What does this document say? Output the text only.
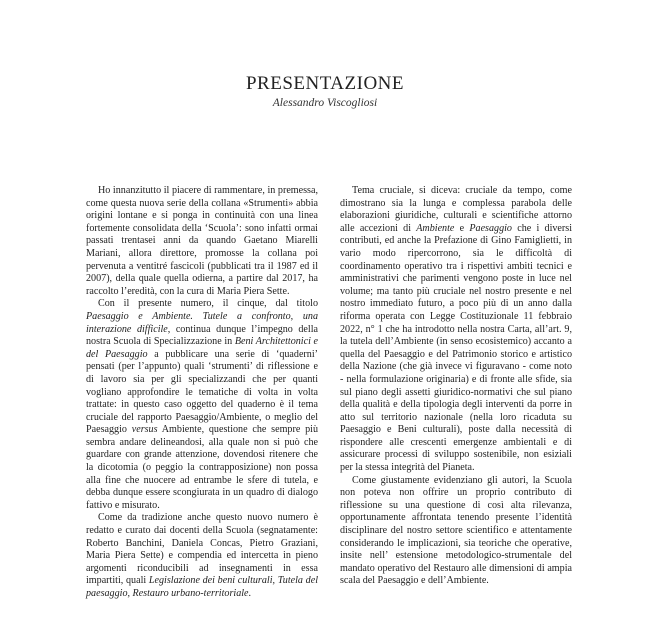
PRESENTAZIONE
Alessandro Viscogliosi

Ho innanzitutto il piacere di rammentare, in premessa, come questa nuova serie della collana «Strumenti» abbia origini lontane e si ponga in continuità con una linea fortemente consolidata della ‘Scuola’: sono infatti ormai passati trentasei anni da quando Gaetano Miarelli Mariani, allora direttore, promosse la collana poi pervenuta a ventitré fascicoli (pubblicati tra il 1987 ed il 2007), della quale quella odierna, a partire dal 2017, ha raccolto l’eredità, con la cura di Maria Piera Sette.

Con il presente numero, il cinque, dal titolo Paesaggio e Ambiente. Tutele a confronto, una interazione difficile, continua dunque l’impegno della nostra Scuola di Specializzazione in Beni Architettonici e del Paesaggio a pubblicare una serie di ‘quaderni’ pensati (per l’appunto) quali ‘strumenti’ di riflessione e di lavoro sia per gli specializzandi che per quanti vogliano approfondire le tematiche di volta in volta trattate: in questo caso oggetto del quaderno è il tema cruciale del rapporto Paesaggio/Ambiente, o meglio del Paesaggio versus Ambiente, questione che sempre più sembra andare delineandosi, alla quale non si può che guardare con grande attenzione, dovendosi ritenere che la dicotomia (o peggio la contrapposizione) non possa alla fine che nuocere ad entrambe le sfere di tutela, e debba dunque essere scongiurata in un quadro di dialogo fattivo e misurato.

Come da tradizione anche questo nuovo numero è redatto e curato dai docenti della Scuola (segnatamente: Roberto Banchini, Daniela Concas, Pietro Graziani, Maria Piera Sette) e compendia ed intercetta in pieno argomenti riconducibili ad insegnamenti in essa impartiti, quali Legislazione dei beni culturali, Tutela del paesaggio, Restauro urbano-territoriale.

Tema cruciale, si diceva: cruciale da tempo, come dimostrano sia la lunga e complessa parabola delle elaborazioni giuridiche, culturali e scientifiche attorno alle accezioni di Ambiente e Paesaggio che i diversi contributi, ed anche la Prefazione di Gino Famiglietti, in vario modo ripercorrono, sia le difficoltà di coordinamento operativo tra i rispettivi ambiti tecnici e amministrativi che parimenti vengono poste in luce nel volume; ma tanto più cruciale nel nostro presente e nel nostro immediato futuro, a poco più di un anno dalla riforma operata con Legge Costituzionale 11 febbraio 2022, n° 1 che ha introdotto nella nostra Carta, all’art. 9, la tutela dell’Ambiente (in senso ecosistemico) accanto a quella del Paesaggio e del Patrimonio storico e artistico della Nazione (che già invece vi figuravano - come noto - nella formulazione originaria) e di fronte alle sfide, sia sul piano degli assetti giuridico-normativi che sul piano della qualità e della tipologia degli interventi da porre in atto sul territorio nazionale (nella loro ricaduta su Paesaggio e Beni culturali), poste dalla necessità di rispondere alle crescenti emergenze ambientali e di assicurare processi di sviluppo sostenibile, non esiziali per la stessa integrità del Pianeta.

Come giustamente evidenziano gli autori, la Scuola non poteva non offrire un proprio contributo di riflessione su una questione di così alta rilevanza, opportunamente affrontata tenendo presente l’identità disciplinare del nostro settore scientifico e attentamente considerando le implicazioni, sia teoriche che operative, insite nell’ estensione metodologico-strumentale del mandato operativo del Restauro alle dimensioni di ampia scala del Paesaggio e dell’Ambiente.
